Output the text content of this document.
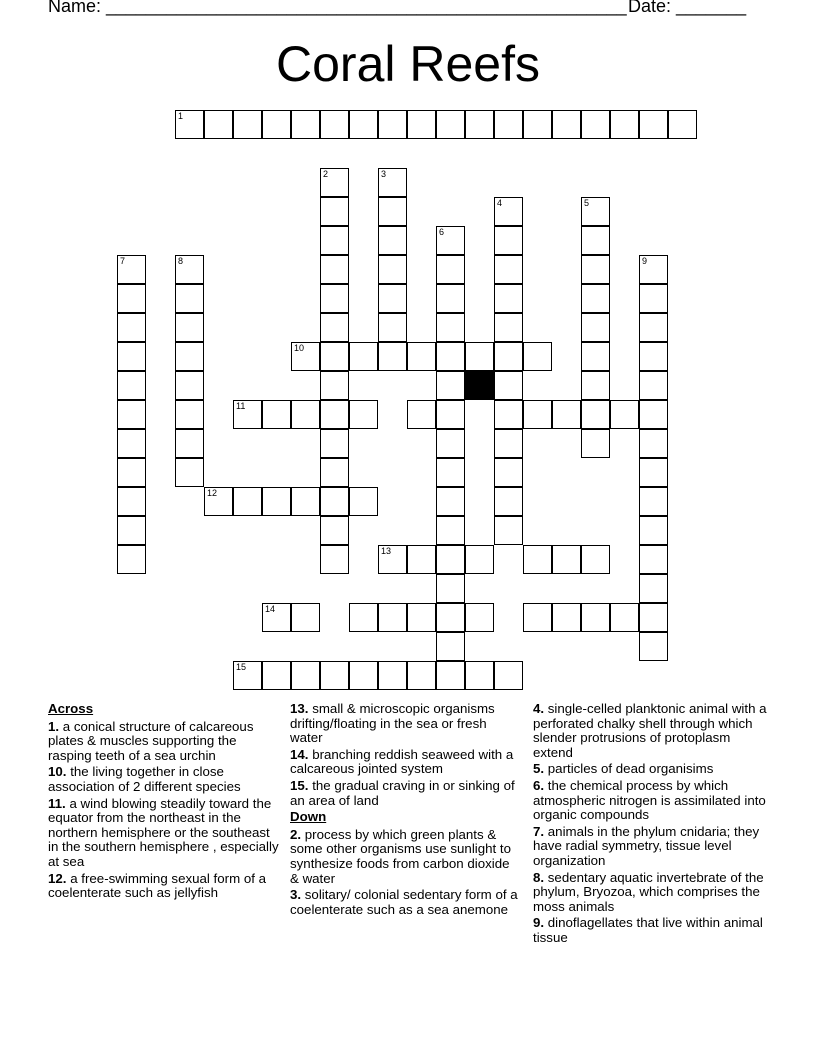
Name: ____________________________________________________ Date: _______
Coral Reefs
1
2	3
4	5
6
7	8	9
10
11
12
13
14
15

Across

1. a conical structure of calcareous plates & muscles supporting the rasping teeth of a sea urchin

10. the living together in close association of 2 different species

11. a wind blowing steadily toward the equator from the northeast in the northern hemisphere or the southeast in the southern hemisphere , especially at sea

12. a free-swimming sexual form of a coelenterate such as jellyfish

13. small & microscopic organisms drifting/floating in the sea or fresh water

14. branching reddish seaweed with a calcareous jointed system

15. the gradual craving in or sinking of an area of land

Down

2. process by which green plants & some other organisms use sunlight to synthesize foods from carbon dioxide & water

3. solitary/ colonial sedentary form of a coelenterate such as a sea anemone

4. single-celled planktonic animal with a perforated chalky shell through which slender protrusions of protoplasm extend

5. particles of dead organisims

6. the chemical process by which atmospheric nitrogen is assimilated into organic compounds

7. animals in the phylum cnidaria; they have radial symmetry, tissue level organization

8. sedentary aquatic invertebrate of the phylum, Bryozoa, which comprises the moss animals

9. dinoflagellates that live within animal tissue
